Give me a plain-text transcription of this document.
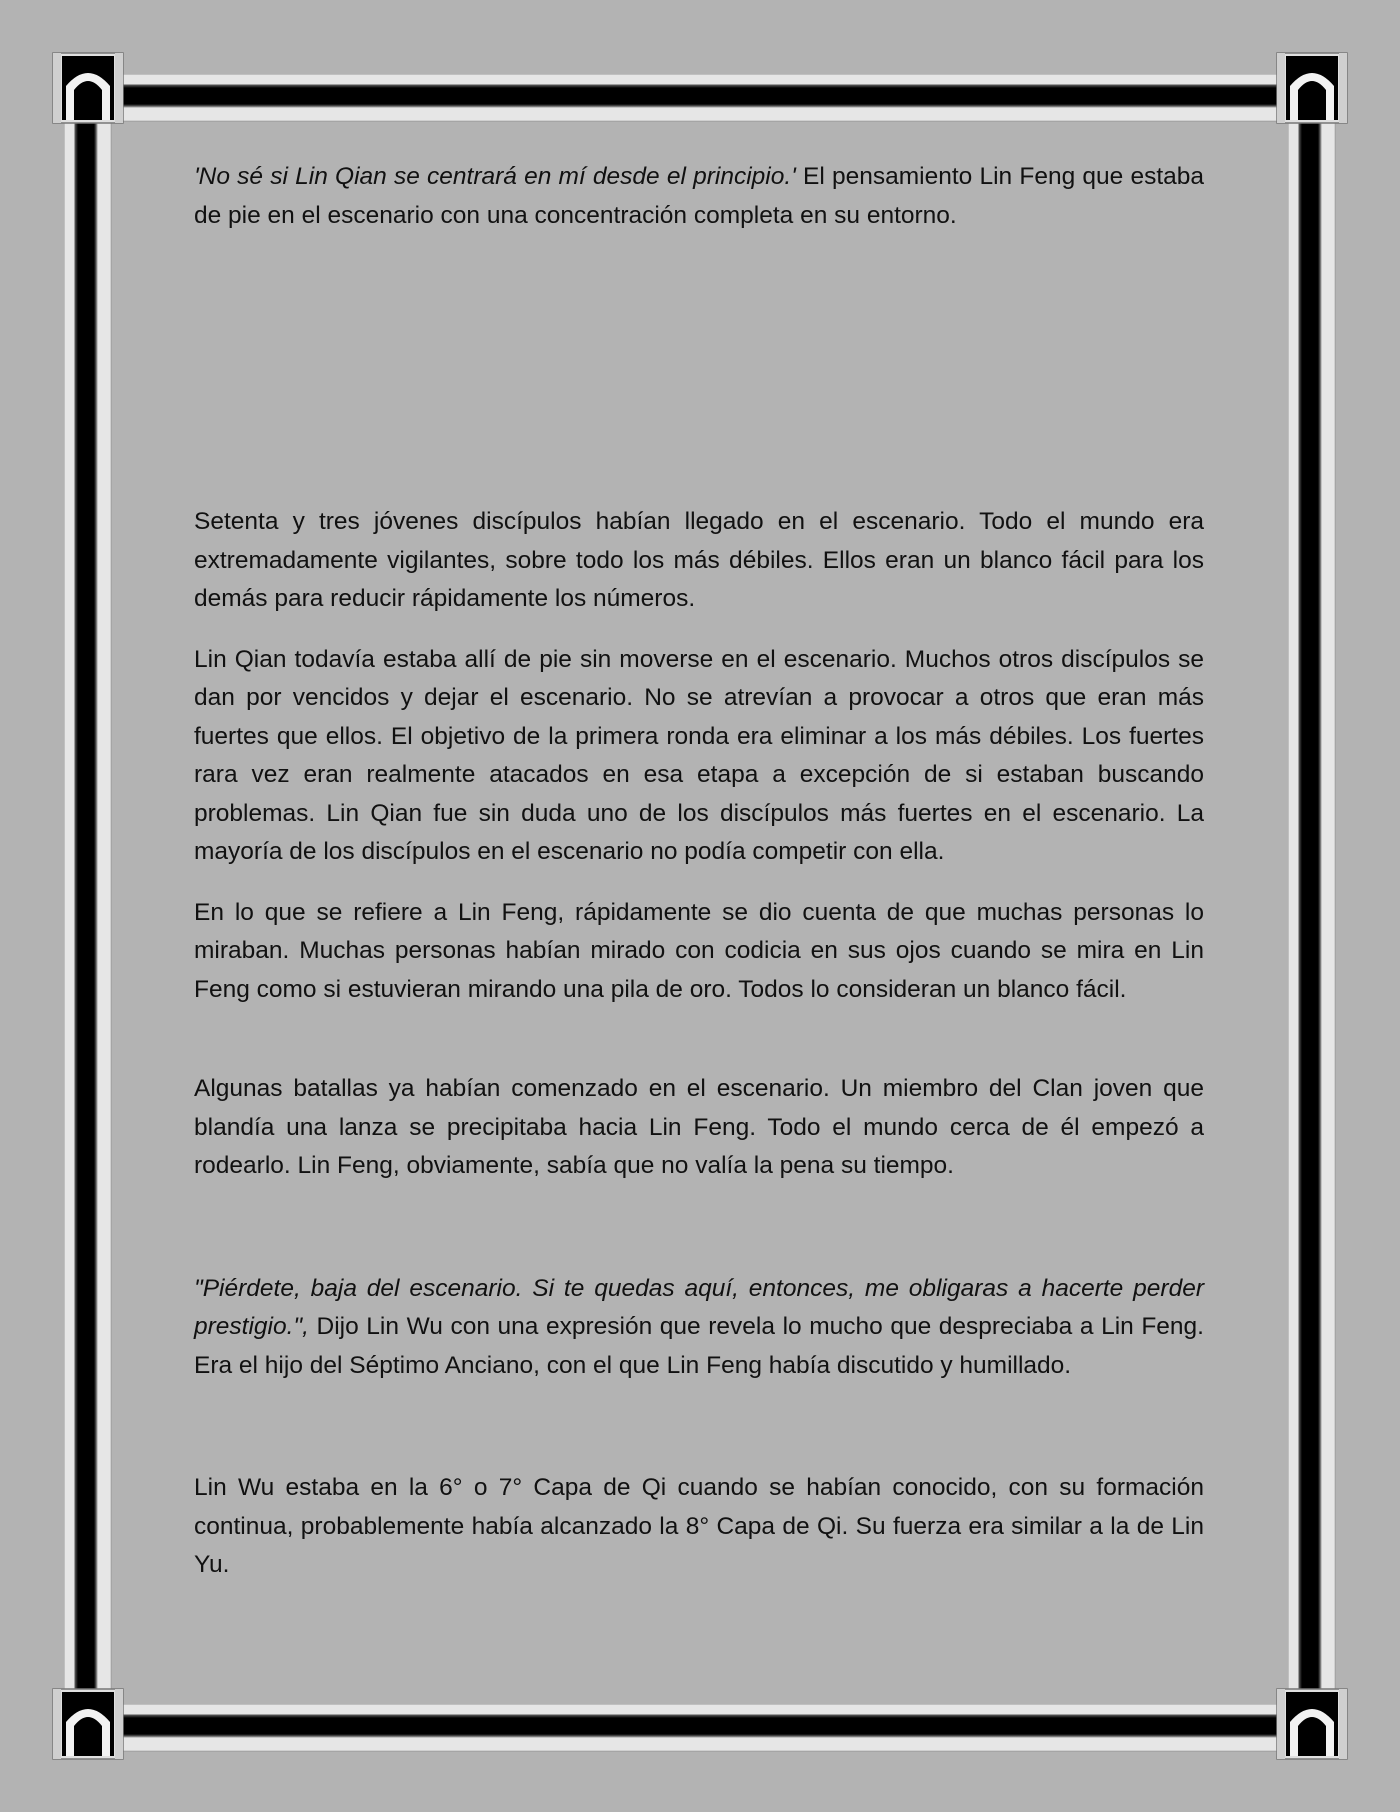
'No sé si Lin Qian se centrará en mí desde el principio.' El pensamiento Lin Feng que estaba de pie en el escenario con una concentración completa en su entorno.

Setenta y tres jóvenes discípulos habían llegado en el escenario. Todo el mundo era extremadamente vigilantes, sobre todo los más débiles. Ellos eran un blanco fácil para los demás para reducir rápidamente los números.

Lin Qian todavía estaba allí de pie sin moverse en el escenario. Muchos otros discípulos se dan por vencidos y dejar el escenario. No se atrevían a provocar a otros que eran más fuertes que ellos. El objetivo de la primera ronda era eliminar a los más débiles. Los fuertes rara vez eran realmente atacados en esa etapa a excepción de si estaban buscando problemas. Lin Qian fue sin duda uno de los discípulos más fuertes en el escenario. La mayoría de los discípulos en el escenario no podía competir con ella.

En lo que se refiere a Lin Feng, rápidamente se dio cuenta de que muchas personas lo miraban. Muchas personas habían mirado con codicia en sus ojos cuando se mira en Lin Feng como si estuvieran mirando una pila de oro. Todos lo consideran un blanco fácil.

Algunas batallas ya habían comenzado en el escenario. Un miembro del Clan joven que blandía una lanza se precipitaba hacia Lin Feng. Todo el mundo cerca de él empezó a rodearlo. Lin Feng, obviamente, sabía que no valía la pena su tiempo.

"Piérdete, baja del escenario. Si te quedas aquí, entonces, me obligaras a hacerte perder prestigio.", Dijo Lin Wu con una expresión que revela lo mucho que despreciaba a Lin Feng. Era el hijo del Séptimo Anciano, con el que Lin Feng había discutido y humillado.

Lin Wu estaba en la 6° o 7° Capa de Qi cuando se habían conocido, con su formación continua, probablemente había alcanzado la 8° Capa de Qi. Su fuerza era similar a la de Lin Yu.
